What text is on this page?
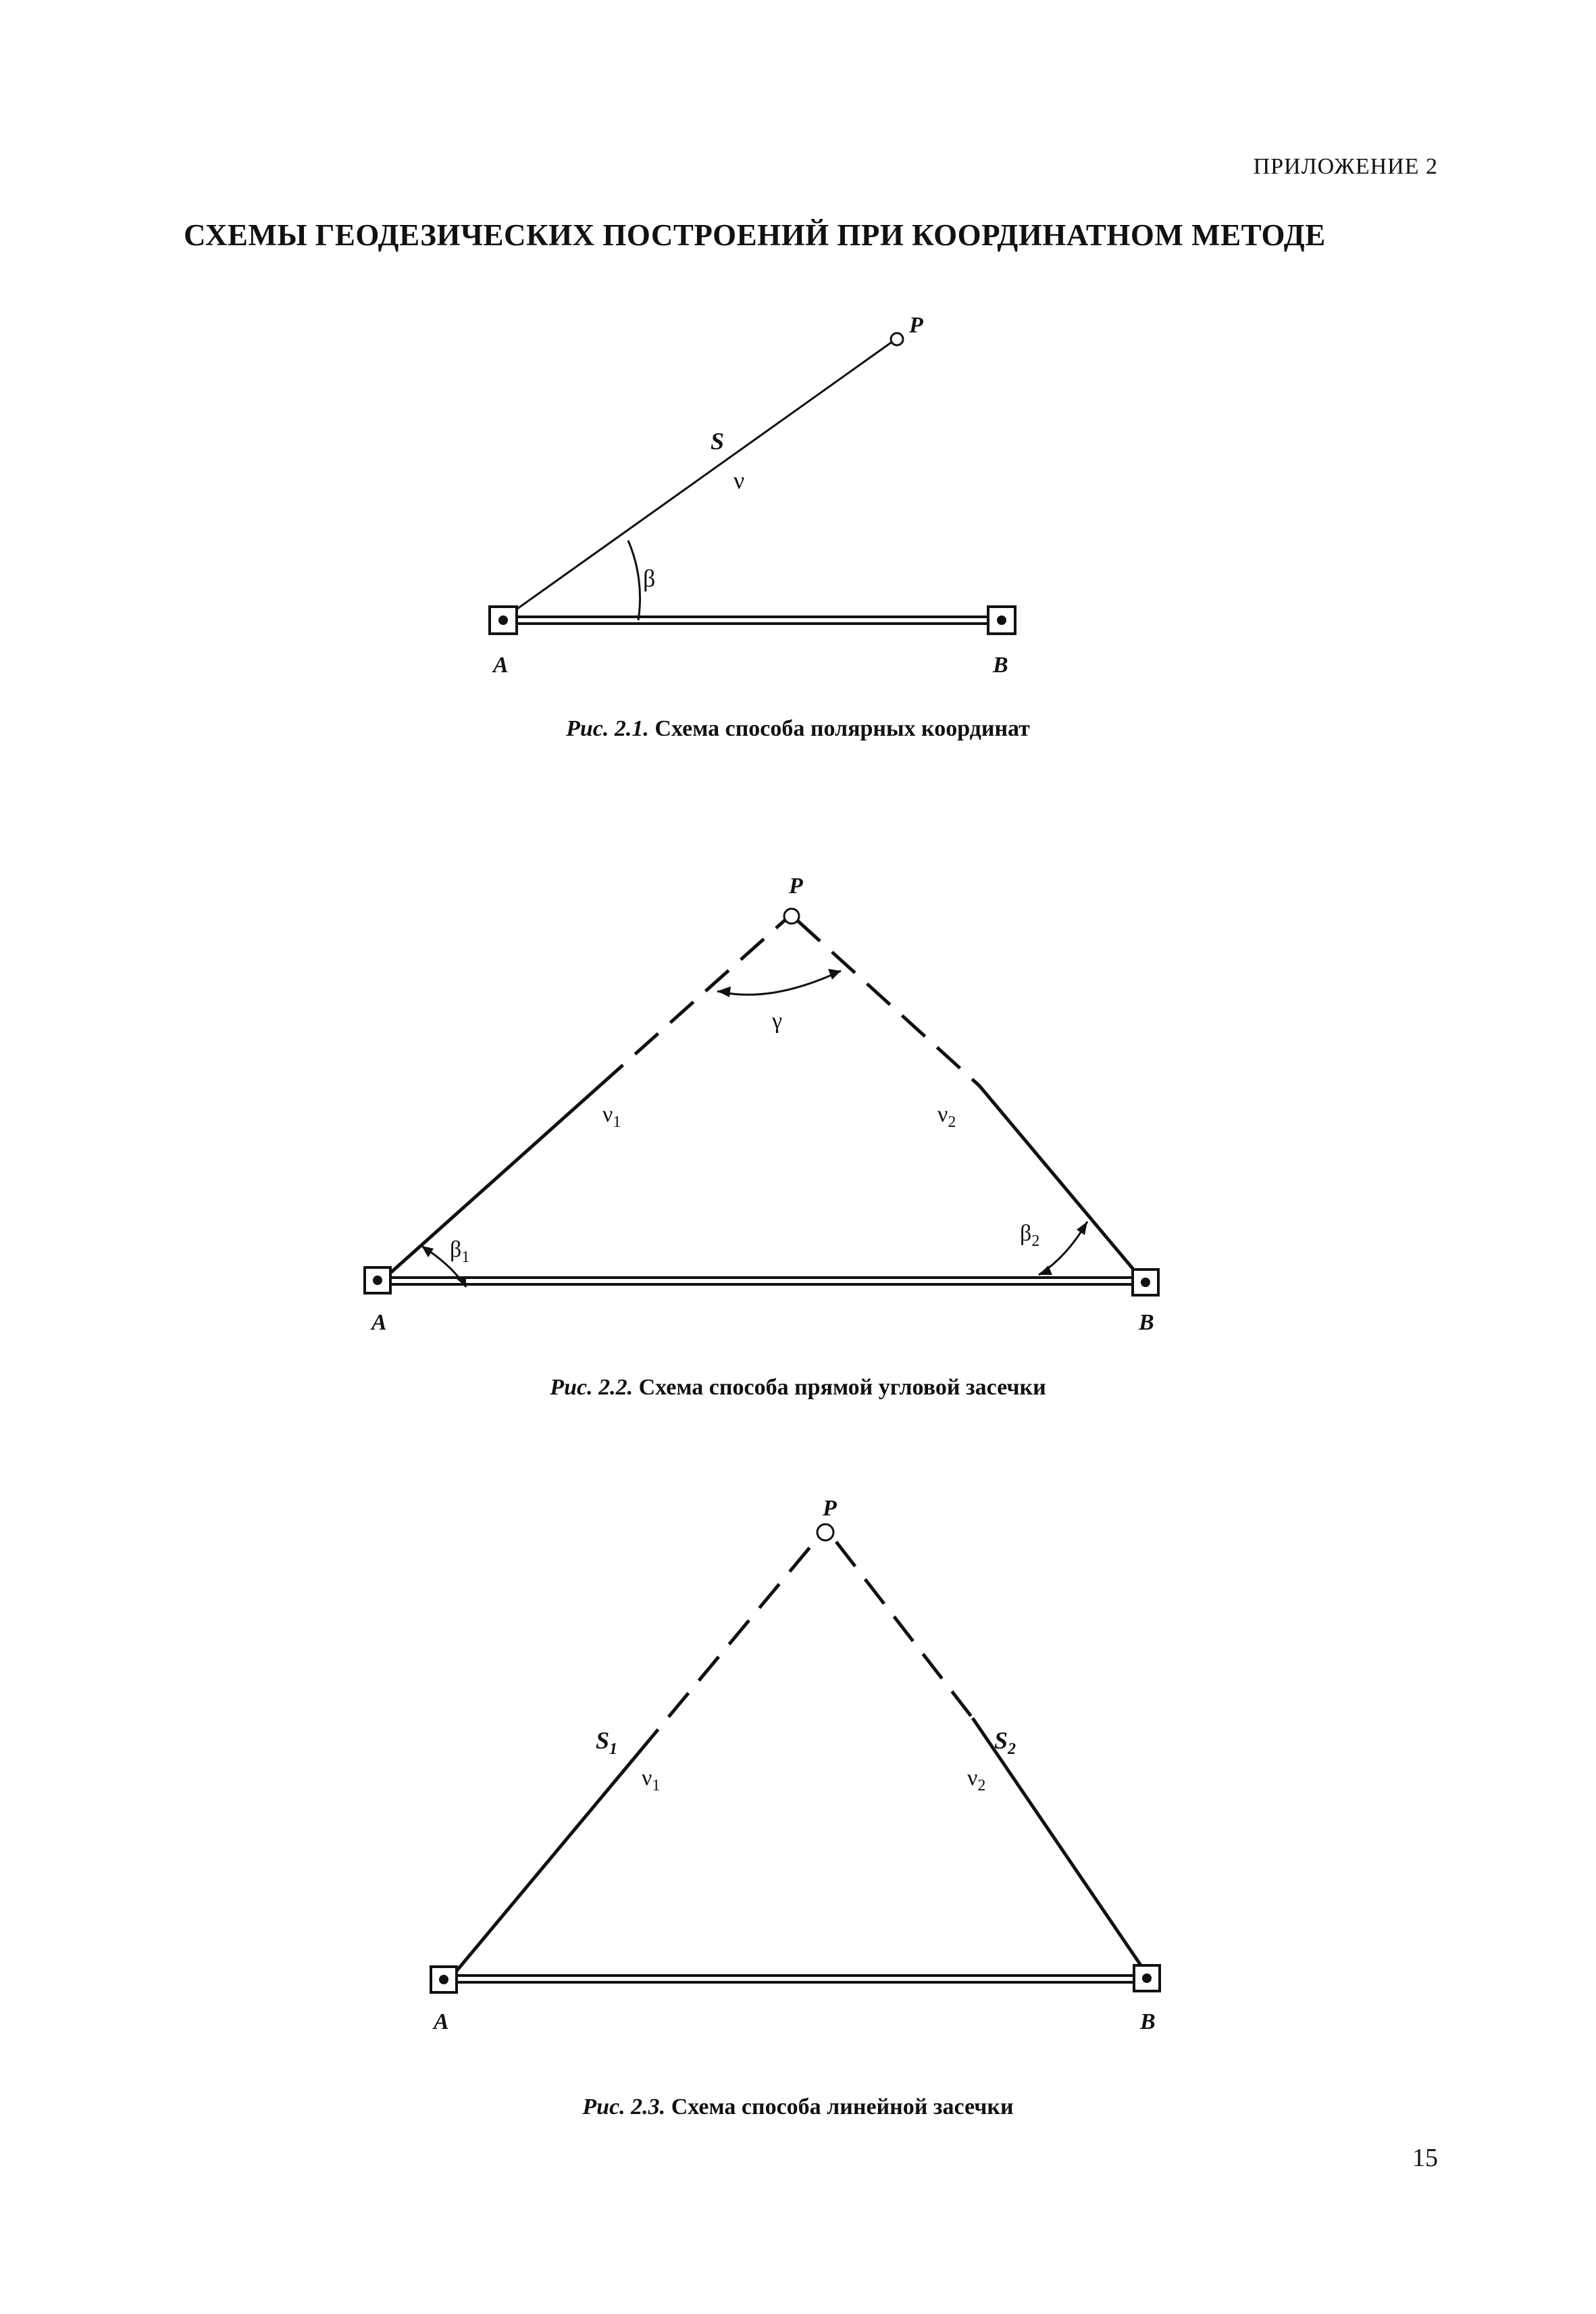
ПРИЛОЖЕНИЕ 2
СХЕМЫ ГЕОДЕЗИЧЕСКИХ ПОСТРОЕНИЙ ПРИ КООРДИНАТНОМ МЕТОДЕ
P
S
ν
β
A	B
Рис. 2.1. Схема способа полярных координат
P
γ
$\nu_1$	$\nu_2$
$\beta_1$
$\beta_2$
A	B
Рис. 2.2. Схема способа прямой угловой засечки
P
$S_1$
$\nu_1$
$S_2$
$\nu_2$
A	B
Рис. 2.3. Схема способа линейной засечки
15
